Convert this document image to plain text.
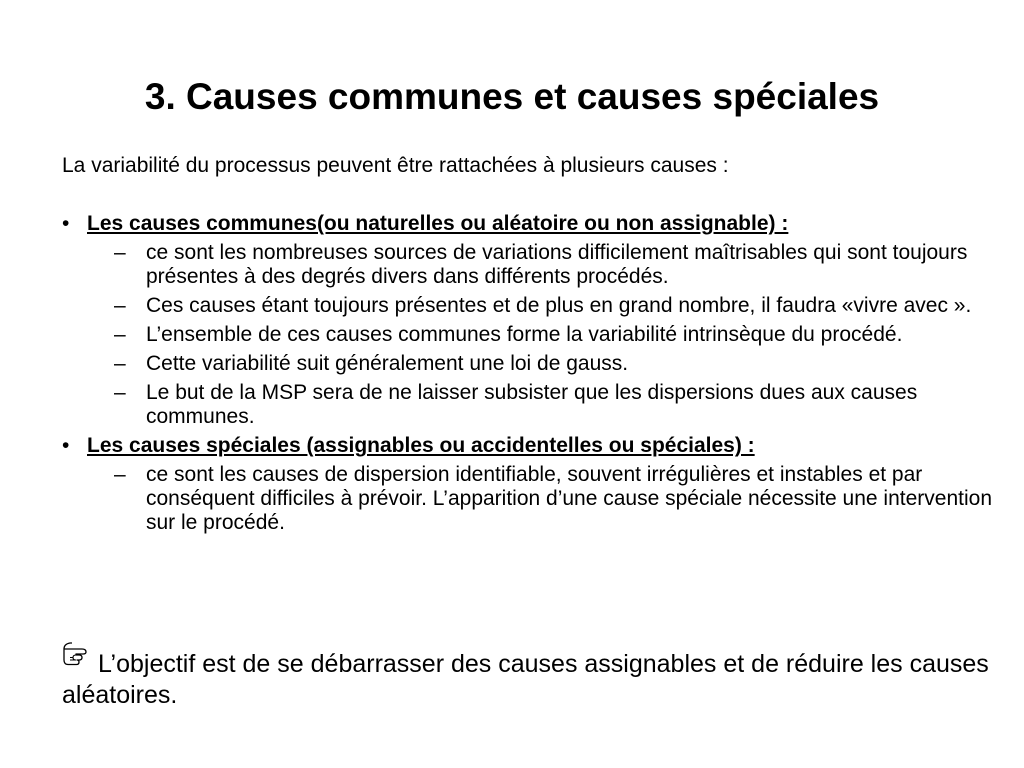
3. Causes communes et causes spéciales

La variabilité du processus peuvent être rattachées à plusieurs causes :

• Les causes communes(ou naturelles ou aléatoire ou non assignable) :
– ce sont les nombreuses sources de variations difficilement maîtrisables qui sont toujours présentes à des degrés divers dans différents procédés.
– Ces causes étant toujours présentes et de plus en grand nombre, il faudra «vivre avec ».
– L’ensemble de ces causes communes forme la variabilité intrinsèque du procédé.
– Cette variabilité suit généralement une loi de gauss.
– Le but de la MSP sera de ne laisser subsister que les dispersions dues aux causes communes.
• Les causes spéciales (assignables ou accidentelles ou spéciales) :
– ce sont les causes de dispersion identifiable, souvent irrégulières et instables et par conséquent difficiles à prévoir. L’apparition d’une cause spéciale nécessite une intervention sur le procédé.

L’objectif est de se débarrasser des causes assignables et de réduire les causes aléatoires.
